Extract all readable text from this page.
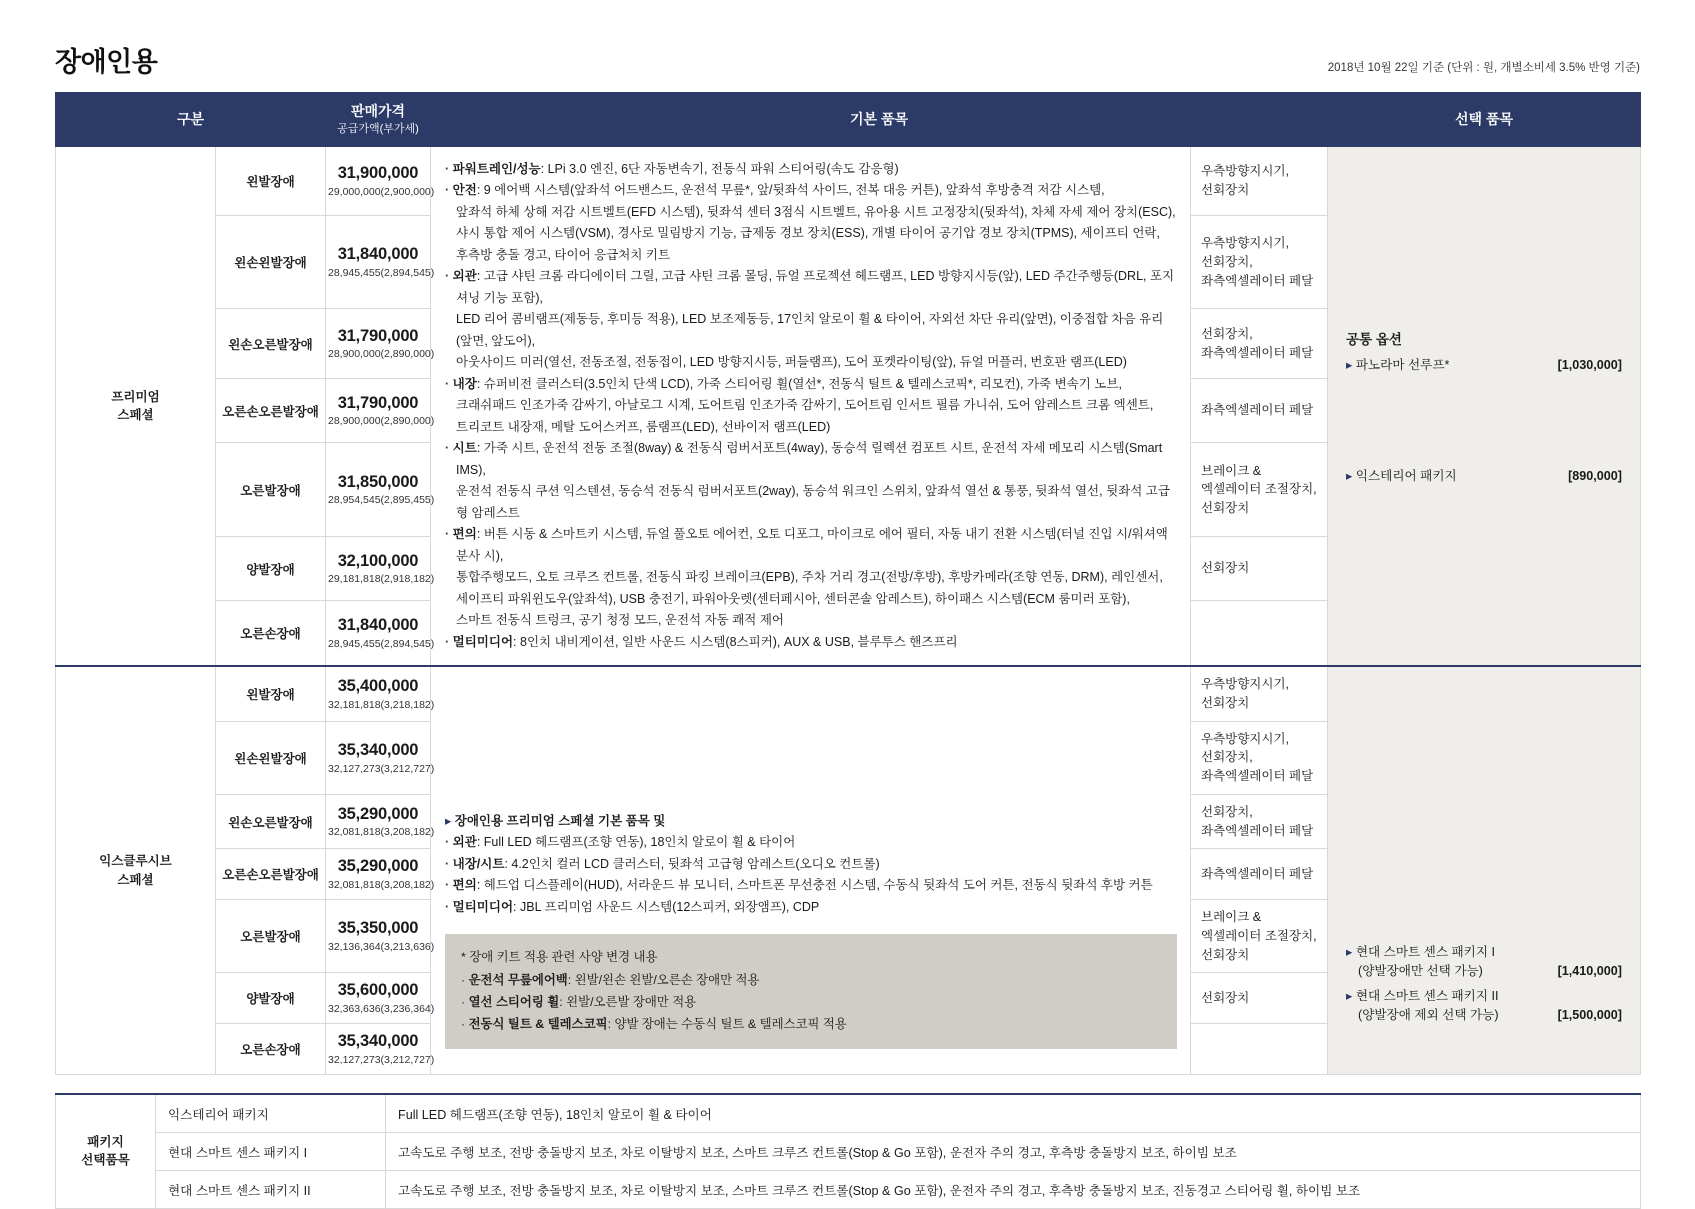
장애인용	2018년 10월 22일 기준 (단위 : 원, 개별소비세 3.5% 반영 기준)
구분		판매가격
공급가액(부가세)	기본 품목		선택 품목
프리미엄
스페셜	왼발장애	31,900,000
29,000,000(2,900,000)

· 파워트레인/성능: LPi 3.0 엔진, 6단 자동변속기, 전동식 파워 스티어링(속도 감응형)
· 안전: 9 에어백 시스템(앞좌석 어드밴스드, 운전석 무릎*, 앞/뒷좌석 사이드, 전복 대응 커튼), 앞좌석 후방충격 저감 시스템,
앞좌석 하체 상해 저감 시트벨트(EFD 시스템), 뒷좌석 센터 3점식 시트벨트, 유아용 시트 고정장치(뒷좌석), 차체 자세 제어 장치(ESC),
샤시 통합 제어 시스템(VSM), 경사로 밀림방지 기능, 급제동 경보 장치(ESS), 개별 타이어 공기압 경보 장치(TPMS), 세이프티 언락,
후측방 충돌 경고, 타이어 응급처치 키트
· 외관: 고급 샤틴 크롬 라디에이터 그릴, 고급 샤틴 크롬 몰딩, 듀얼 프로젝션 헤드램프, LED 방향지시등(앞), LED 주간주행등(DRL, 포지셔닝 기능 포함),
LED 리어 콤비램프(제동등, 후미등 적용), LED 보조제동등, 17인치 알로이 휠 & 타이어, 자외선 차단 유리(앞면), 이중접합 차음 유리(앞면, 앞도어),
아웃사이드 미러(열선, 전동조절, 전동접이, LED 방향지시등, 퍼들램프), 도어 포켓라이팅(앞), 듀얼 머플러, 번호판 램프(LED)
· 내장: 슈퍼비전 클러스터(3.5인치 단색 LCD), 가죽 스티어링 휠(열선*, 전동식 틸트 & 텔레스코픽*, 리모컨), 가죽 변속기 노브,
크래쉬패드 인조가죽 감싸기, 아날로그 시계, 도어트림 인조가죽 감싸기, 도어트림 인서트 필름 가니쉬, 도어 암레스트 크롬 엑센트,
트리코트 내장재, 메탈 도어스커프, 룸램프(LED), 선바이저 램프(LED)
· 시트: 가죽 시트, 운전석 전동 조절(8way) & 전동식 럼버서포트(4way), 동승석 릴렉션 컴포트 시트, 운전석 자세 메모리 시스템(Smart IMS),
운전석 전동식 쿠션 익스텐션, 동승석 전동식 럼버서포트(2way), 동승석 워크인 스위치, 앞좌석 열선 & 통풍, 뒷좌석 열선, 뒷좌석 고급형 암레스트
· 편의: 버튼 시동 & 스마트키 시스템, 듀얼 풀오토 에어컨, 오토 디포그, 마이크로 에어 필터, 자동 내기 전환 시스템(터널 진입 시/워셔액 분사 시),
통합주행모드, 오토 크루즈 컨트롤, 전동식 파킹 브레이크(EPB), 주차 거리 경고(전방/후방), 후방카메라(조향 연동, DRM), 레인센서,
세이프티 파워윈도우(앞좌석), USB 충전기, 파워아웃렛(센터페시아, 센터콘솔 암레스트), 하이패스 시스템(ECM 룸미러 포함),
스마트 전동식 트렁크, 공기 청정 모드, 운전석 자동 쾌적 제어
· 멀티미디어: 8인치 내비게이션, 일반 사운드 시스템(8스피커), AUX & USB, 블루투스 핸즈프리
	우측방향지시기,
선회장치	
공통 옵션
▸ 파노라마 선루프*	[1,030,000]
▸ 익스테리어 패키지	[890,000]

왼손왼발장애	31,840,000
28,945,455(2,894,545)
	우측방향지시기,
선회장치,
좌측엑셀레이터 페달
왼손오른발장애	31,790,000
28,900,000(2,890,000)
	선회장치,
좌측엑셀레이터 페달
	오른손오른발장애	31,790,000
28,900,000(2,890,000)		좌측엑셀레이터 페달	
오른발장애	31,850,000
28,954,545(2,895,455)
	브레이크 &
엑셀레이터 조절장치,
선회장치
	양발장애	32,100,000
29,181,818(2,918,182)		선회장치	
	오른손장애	31,840,000
28,945,455(2,894,545)			

익스클루시브
스페셜	왼발장애	35,400,000
32,181,818(3,218,182)

▸ 장애인용 프리미엄 스페셜 기본 품목 및
· 외관: Full LED 헤드램프(조향 연동), 18인치 알로이 휠 & 타이어
· 내장/시트: 4.2인치 컬러 LCD 클러스터, 뒷좌석 고급형 암레스트(오디오 컨트롤)
· 편의: 헤드업 디스플레이(HUD), 서라운드 뷰 모니터, 스마트폰 무선충전 시스템, 수동식 뒷좌석 도어 커튼, 전동식 뒷좌석 후방 커튼
· 멀티미디어: JBL 프리미엄 사운드 시스템(12스피커, 외장앰프), CDP
* 장애 키트 적용 관련 사양 변경 내용
· 운전석 무릎에어백: 왼발/왼손 왼발/오른손 장애만 적용
· 열선 스티어링 휠: 왼발/오른발 장애만 적용
· 전동식 틸트 & 텔레스코픽: 양발 장애는 수동식 틸트 & 텔레스코픽 적용
	우측방향지시기,
선회장치	
▸ 현대 스마트 센스 패키지 I
(양발장애만 선택 가능)	[1,410,000]
▸ 현대 스마트 센스 패키지 II
(양발장애 제외 선택 가능)	[1,500,000]

왼손왼발장애	35,340,000
32,127,273(3,212,727)
	우측방향지시기,
선회장치,
좌측엑셀레이터 페달
왼손오른발장애	35,290,000
32,081,818(3,208,182)
	선회장치,
좌측엑셀레이터 페달
	오른손오른발장애	35,290,000
32,081,818(3,208,182)		좌측엑셀레이터 페달	
오른발장애	35,350,000
32,136,364(3,213,636)
	브레이크 &
엑셀레이터 조절장치,
선회장치
	양발장애	35,600,000
32,363,636(3,236,364)		선회장치	
	오른손장애	35,340,000
32,127,273(3,212,727)			

패키지
선택품목	익스테리어 패키지	Full LED 헤드램프(조향 연동), 18인치 알로이 휠 & 타이어
	현대 스마트 센스 패키지 I	고속도로 주행 보조, 전방 충돌방지 보조, 차로 이탈방지 보조, 스마트 크루즈 컨트롤(Stop & Go 포함), 운전자 주의 경고, 후측방 충돌방지 보조, 하이빔 보조
	현대 스마트 센스 패키지 II	고속도로 주행 보조, 전방 충돌방지 보조, 차로 이탈방지 보조, 스마트 크루즈 컨트롤(Stop & Go 포함), 운전자 주의 경고, 후측방 충돌방지 보조, 진동경고 스티어링 휠, 하이빔 보조
